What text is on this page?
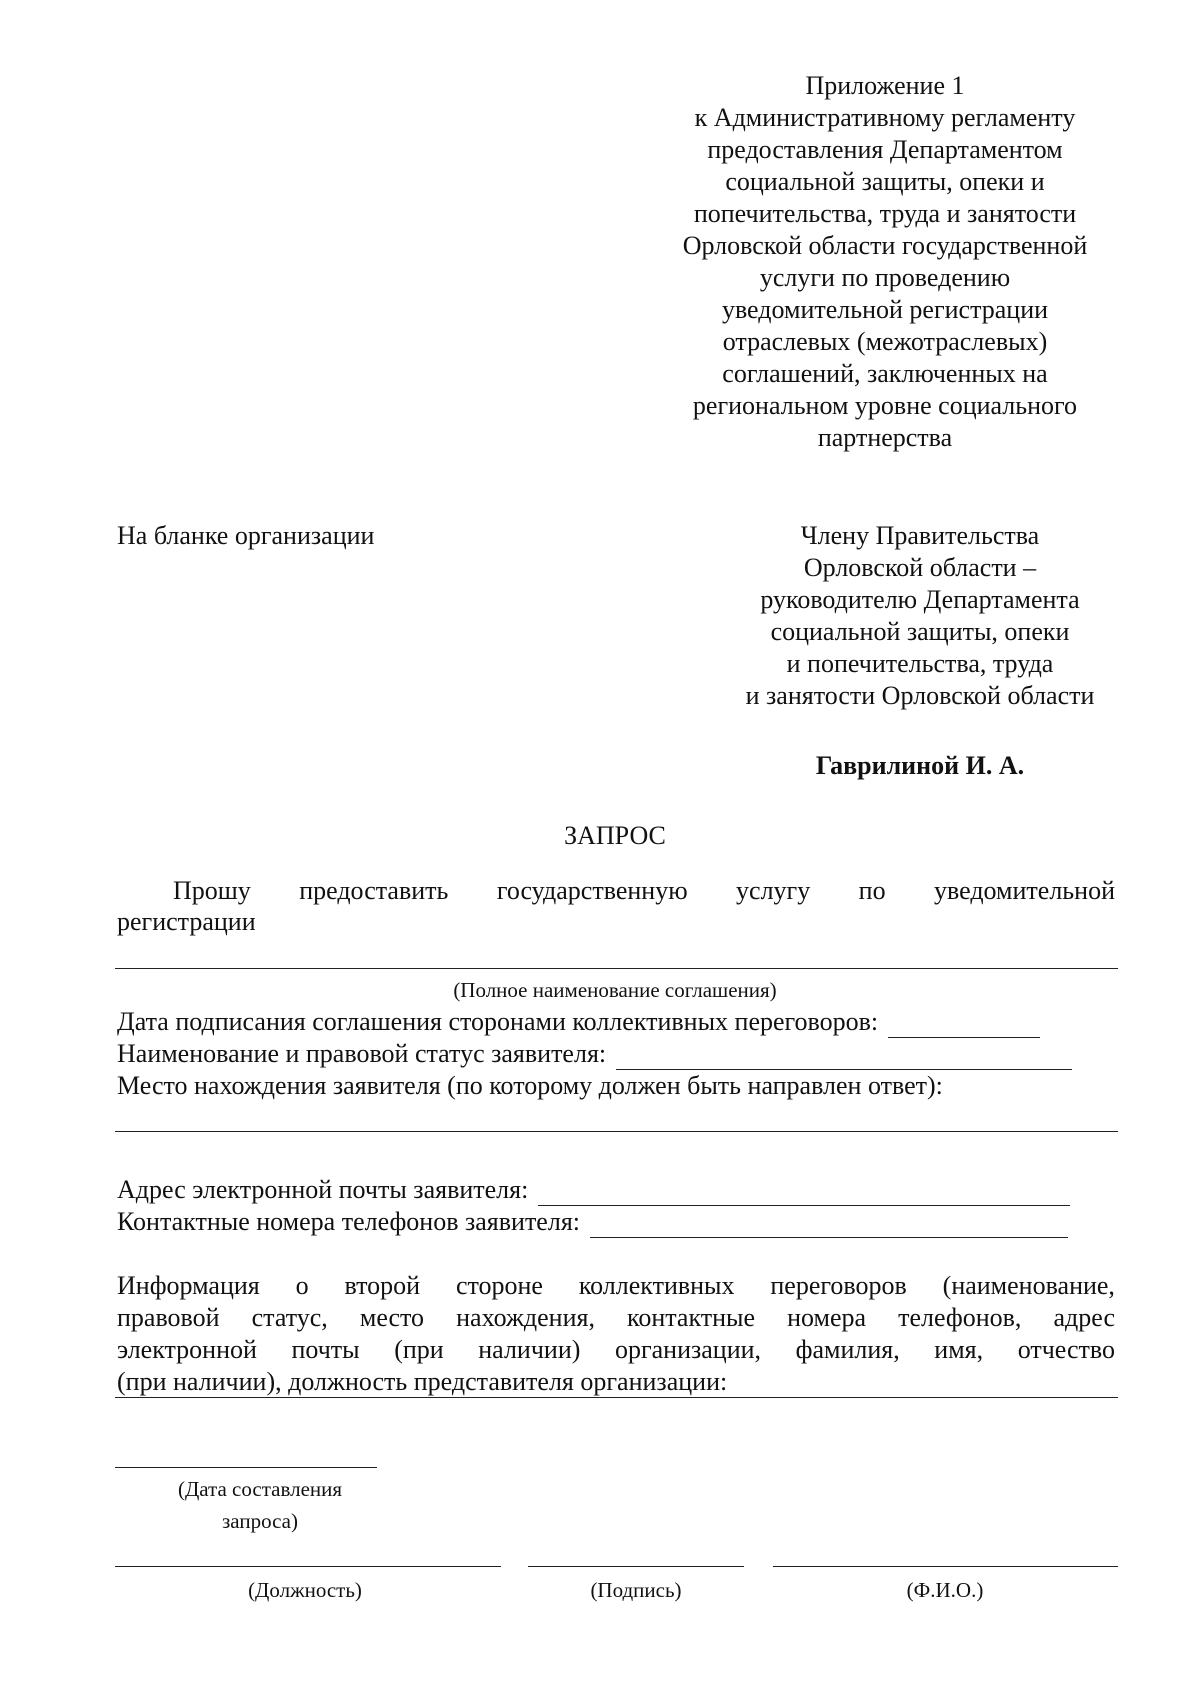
Приложение 1
к Административному регламенту
предоставления Департаментом
социальной защиты, опеки и
попечительства, труда и занятости
Орловской области государственной
услуги по проведению
уведомительной регистрации
отраслевых (межотраслевых)
соглашений, заключенных на
региональном уровне социального
партнерства
На бланке организации	Члену Правительства
Орловской области –
руководителю Департамента
социальной защиты, опеки
и попечительства, труда
и занятости Орловской области
Гаврилиной И. А.
ЗАПРОС
Прошу предоставить государственную услугу по уведомительной
регистрации
(Полное наименование соглашения)
Дата подписания соглашения сторонами коллективных переговоров:
Наименование и правовой статус заявителя:
Место нахождения заявителя (по которому должен быть направлен ответ):
Адрес электронной почты заявителя:
Контактные номера телефонов заявителя:
Информация о второй стороне коллективных переговоров (наименование,
правовой статус, место нахождения, контактные номера телефонов, адрес
электронной почты (при наличии) организации, фамилия, имя, отчество
(при наличии), должность представителя организации:
(Дата составления
запроса)
(Должность)	(Подпись)	(Ф.И.О.)
